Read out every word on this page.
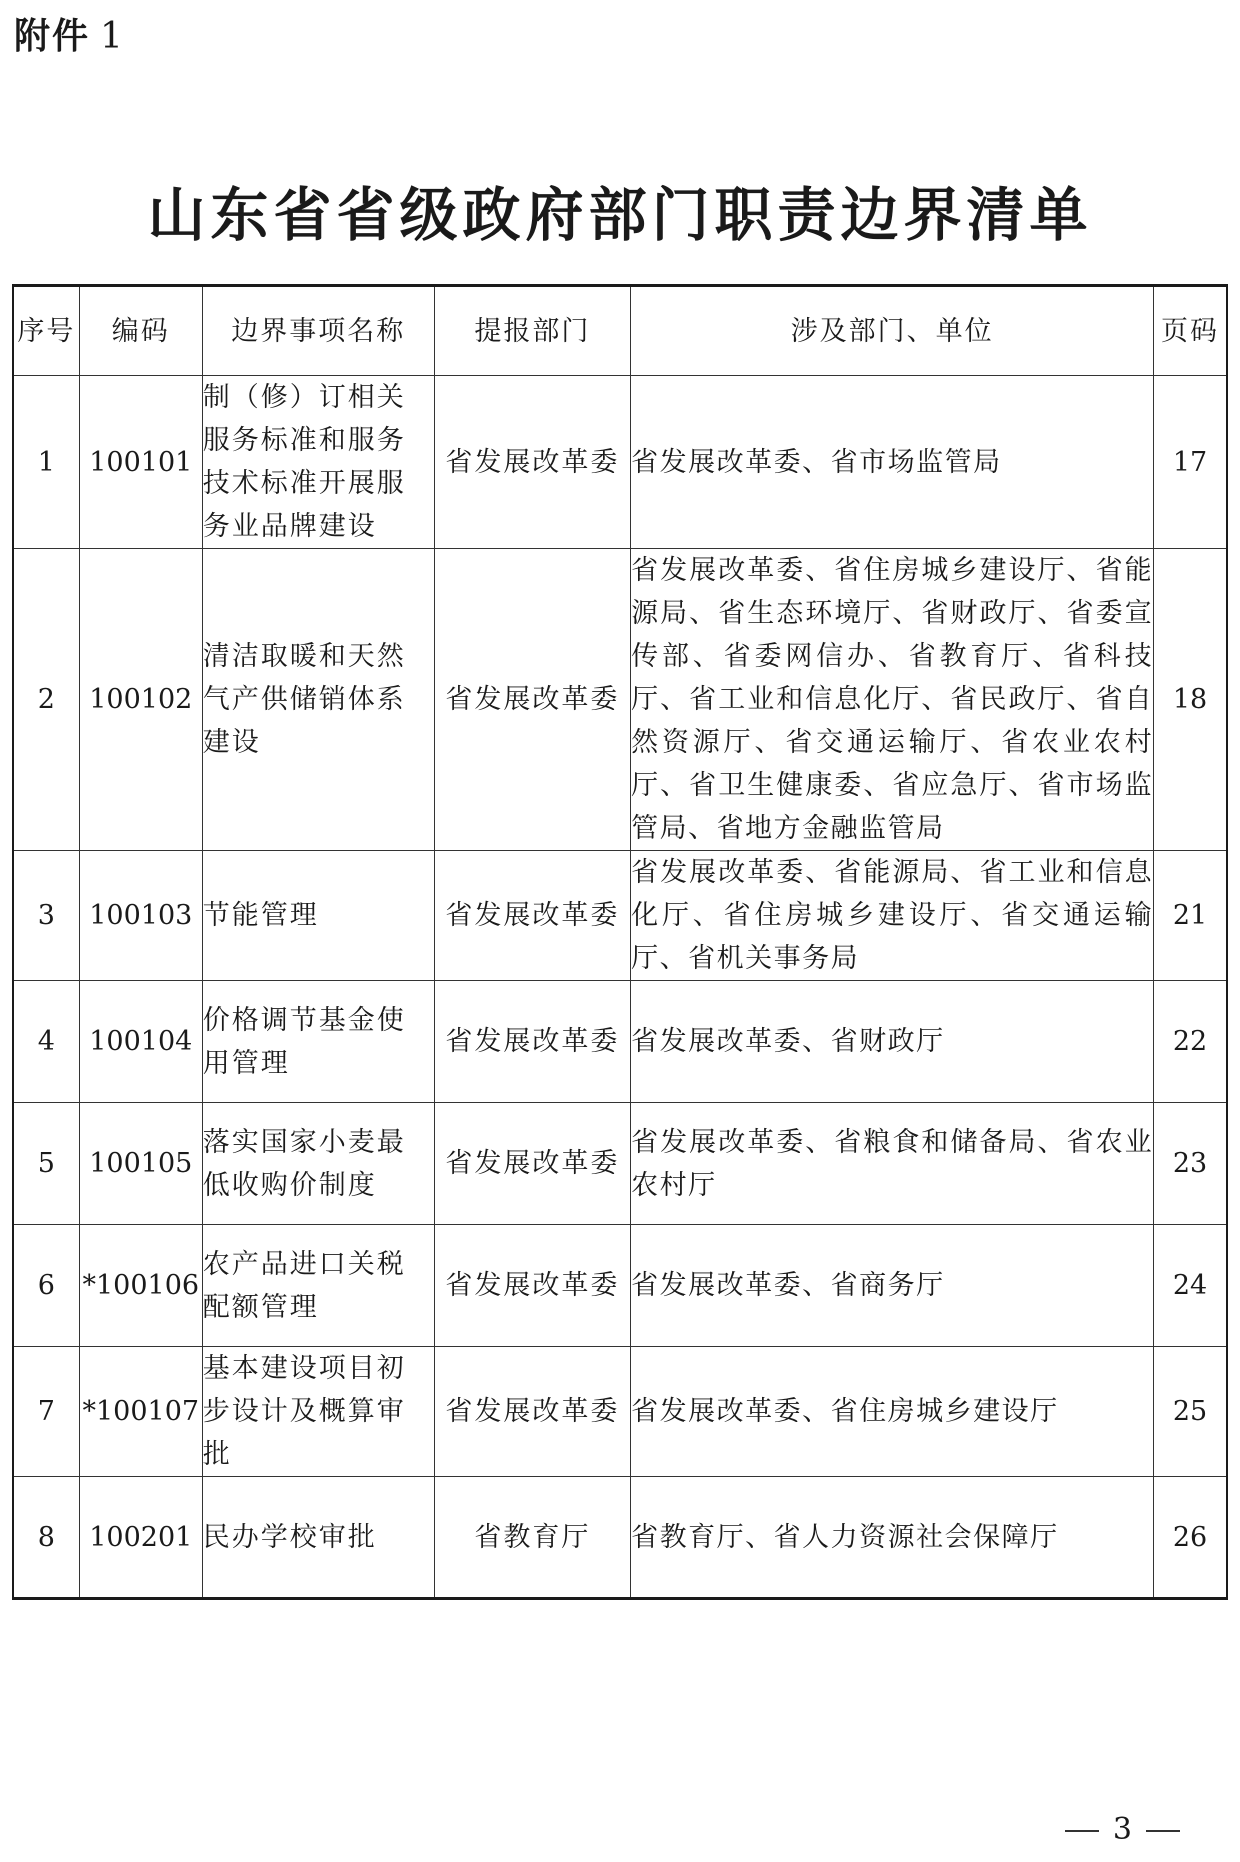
附件 1
山东省省级政府部门职责边界清单
序号	编码	边界事项名称	提报部门	涉及部门、单位	页码
1	100101	制（修）订相关服务标准和服务技术标准开展服务业品牌建设	省发展改革委	省发展改革委、省市场监管局	17
2	100102	清洁取暖和天然气产供储销体系建设	省发展改革委	省发展改革委、省住房城乡建设厅、省能源局、省生态环境厅、省财政厅、省委宣传部、省委网信办、省教育厅、省科技厅、省工业和信息化厅、省民政厅、省自然资源厅、省交通运输厅、省农业农村厅、省卫生健康委、省应急厅、省市场监管局、省地方金融监管局	18
3	100103	节能管理	省发展改革委	省发展改革委、省能源局、省工业和信息化厅、省住房城乡建设厅、省交通运输厅、省机关事务局	21
4	100104	价格调节基金使用管理	省发展改革委	省发展改革委、省财政厅	22
5	100105	落实国家小麦最低收购价制度	省发展改革委	省发展改革委、省粮食和储备局、省农业农村厅	23
6	*100106	农产品进口关税配额管理	省发展改革委	省发展改革委、省商务厅	24
7	*100107	基本建设项目初步设计及概算审批	省发展改革委	省发展改革委、省住房城乡建设厅	25
8	100201	民办学校审批	省教育厅	省教育厅、省人力资源社会保障厅	26
3
